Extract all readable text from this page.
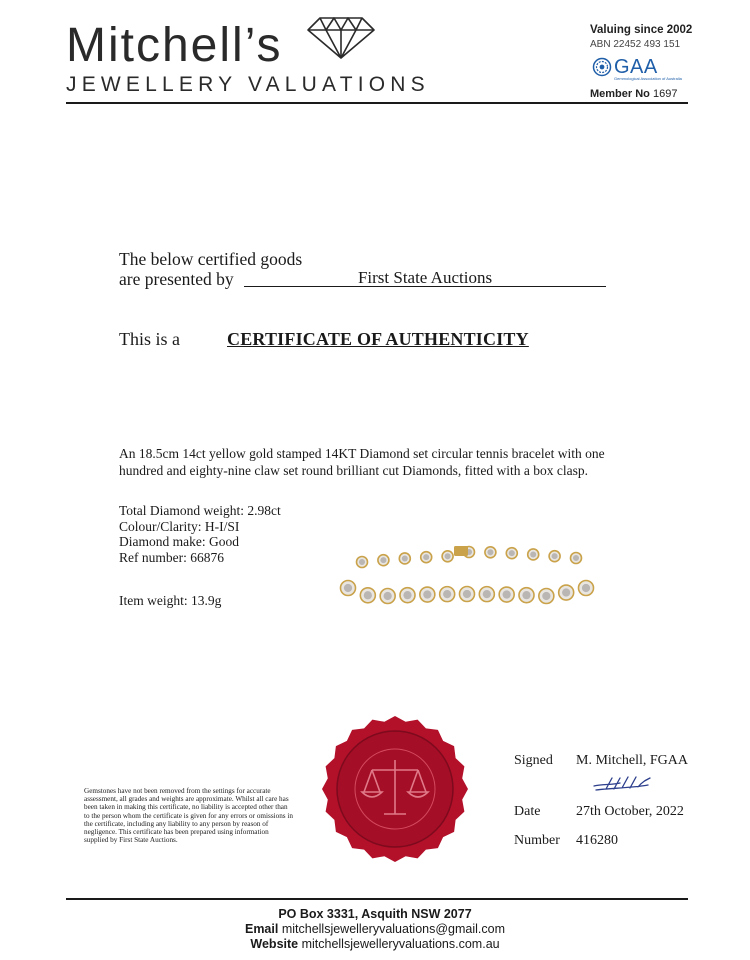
Mitchell’s
JEWELLERY VALUATIONS
Valuing since 2002
ABN 22452 493 151
GAA
Gemmological Association of Australia
Member No 1697
The below certified goods
are presented by	First State Auctions
This is a	CERTIFICATE OF AUTHENTICITY
An 18.5cm 14ct yellow gold stamped 14KT Diamond set circular tennis bracelet with one hundred and eighty-nine claw set round brilliant cut Diamonds, fitted with a box clasp.
Total Diamond weight: 2.98ct
Colour/Clarity: H-I/SI
Diamond make: Good
Ref number: 66876
Item weight: 13.9g
Gemstones have not been removed from the settings for accurate assessment, all grades and weights are approximate. Whilst all care has been taken in making this certificate, no liability is accepted other than to the person whom the certificate is given for any errors or omissions in the certificate, including any liability to any person by reason of negligence. This certificate has been prepared using information supplied by First State Auctions.
Signed M. Mitchell, FGAA
Date	27th October, 2022
Number 416280
PO Box 3331, Asquith NSW 2077
Email mitchellsjewelleryvaluations@gmail.com
Website mitchellsjewelleryvaluations.com.au
